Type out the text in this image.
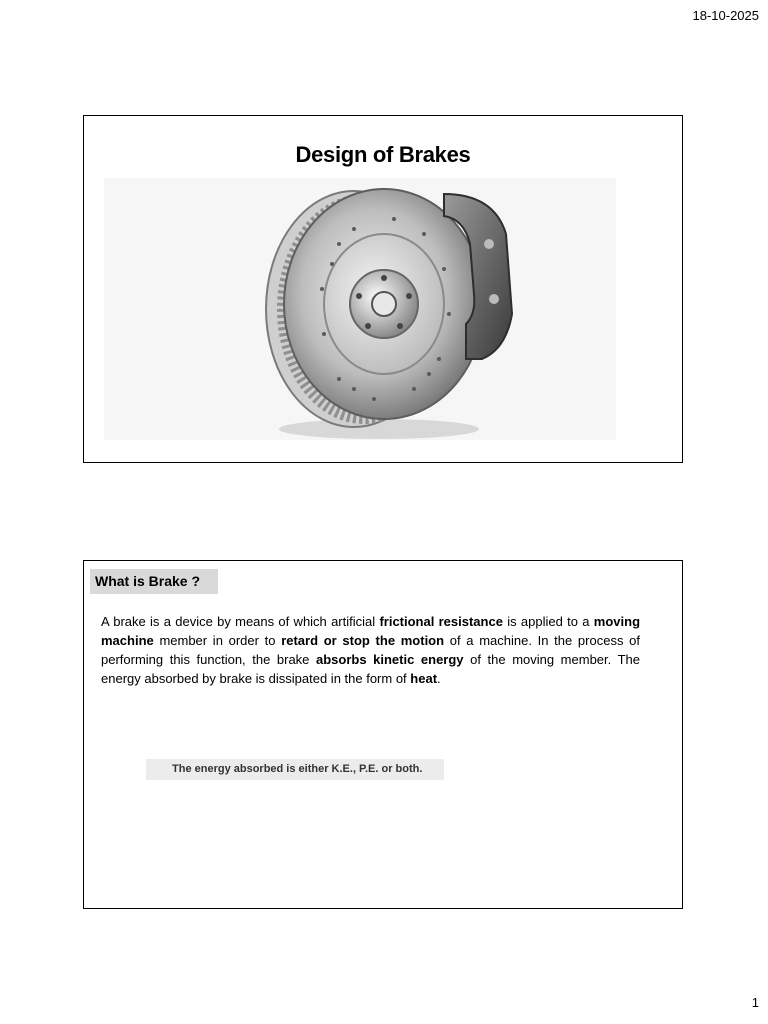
18-10-2025
Design of Brakes
What is Brake ?

A brake is a device by means of which artificial frictional resistance is applied to a moving machine member in order to retard or stop the motion of a machine. In the process of performing this function, the brake absorbs kinetic energy of the moving member. The energy absorbed by brake is dissipated in the form of heat.

The energy absorbed is either K.E., P.E. or both.
1
